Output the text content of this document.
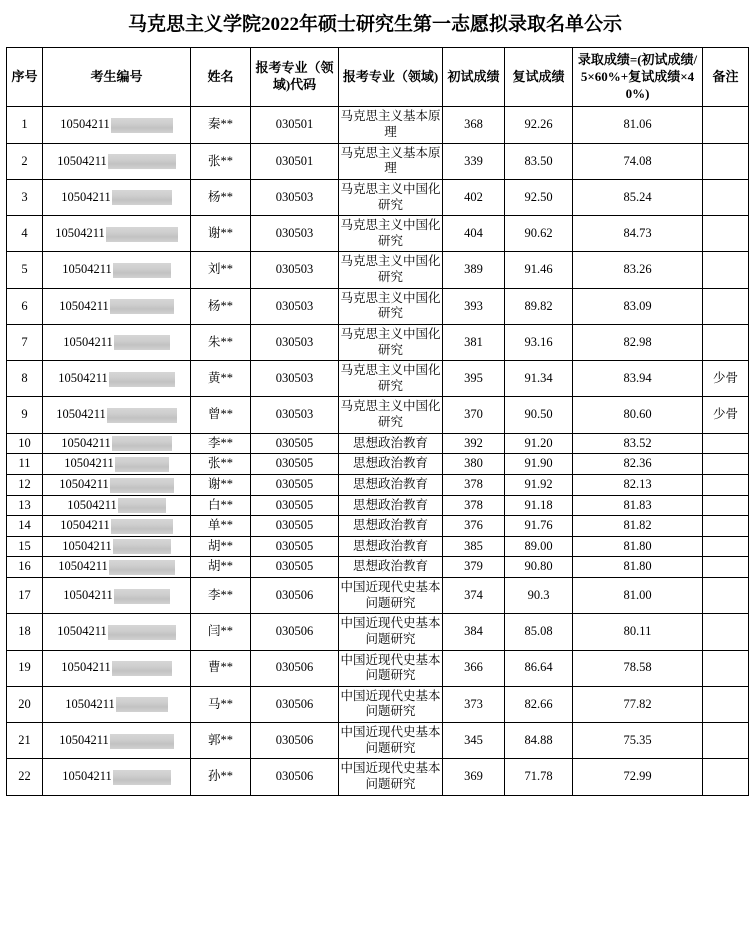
马克思主义学院2022年硕士研究生第一志愿拟录取名单公示
序号	考生编号	姓名	报考专业（领域)代码	报考专业（领域)	初试成绩	复试成绩	录取成绩=(初试成绩/5×60%+复试成绩×40%)	备注
1	10504211	秦**	030501	马克思主义基本原理	368	92.26	81.06	
2	10504211	张**	030501	马克思主义基本原理	339	83.50	74.08	
3	10504211	杨**	030503	马克思主义中国化研究	402	92.50	85.24	
4	10504211	谢**	030503	马克思主义中国化研究	404	90.62	84.73	
5	10504211	刘**	030503	马克思主义中国化研究	389	91.46	83.26	
6	10504211	杨**	030503	马克思主义中国化研究	393	89.82	83.09	
7	10504211	朱**	030503	马克思主义中国化研究	381	93.16	82.98	
8	10504211	黄**	030503	马克思主义中国化研究	395	91.34	83.94	少骨
9	10504211	曾**	030503	马克思主义中国化研究	370	90.50	80.60	少骨
10	10504211	李**	030505	思想政治教育	392	91.20	83.52	
11	10504211	张**	030505	思想政治教育	380	91.90	82.36	
12	10504211	谢**	030505	思想政治教育	378	91.92	82.13	
13	10504211	白**	030505	思想政治教育	378	91.18	81.83	
14	10504211	单**	030505	思想政治教育	376	91.76	81.82	
15	10504211	胡**	030505	思想政治教育	385	89.00	81.80	
16	10504211	胡**	030505	思想政治教育	379	90.80	81.80	
17	10504211	李**	030506	中国近现代史基本问题研究	374	90.3	81.00	
18	10504211	闫**	030506	中国近现代史基本问题研究	384	85.08	80.11	
19	10504211	曹**	030506	中国近现代史基本问题研究	366	86.64	78.58	
20	10504211	马**	030506	中国近现代史基本问题研究	373	82.66	77.82	
21	10504211	郭**	030506	中国近现代史基本问题研究	345	84.88	75.35	
22	10504211	孙**	030506	中国近现代史基本问题研究	369	71.78	72.99	
